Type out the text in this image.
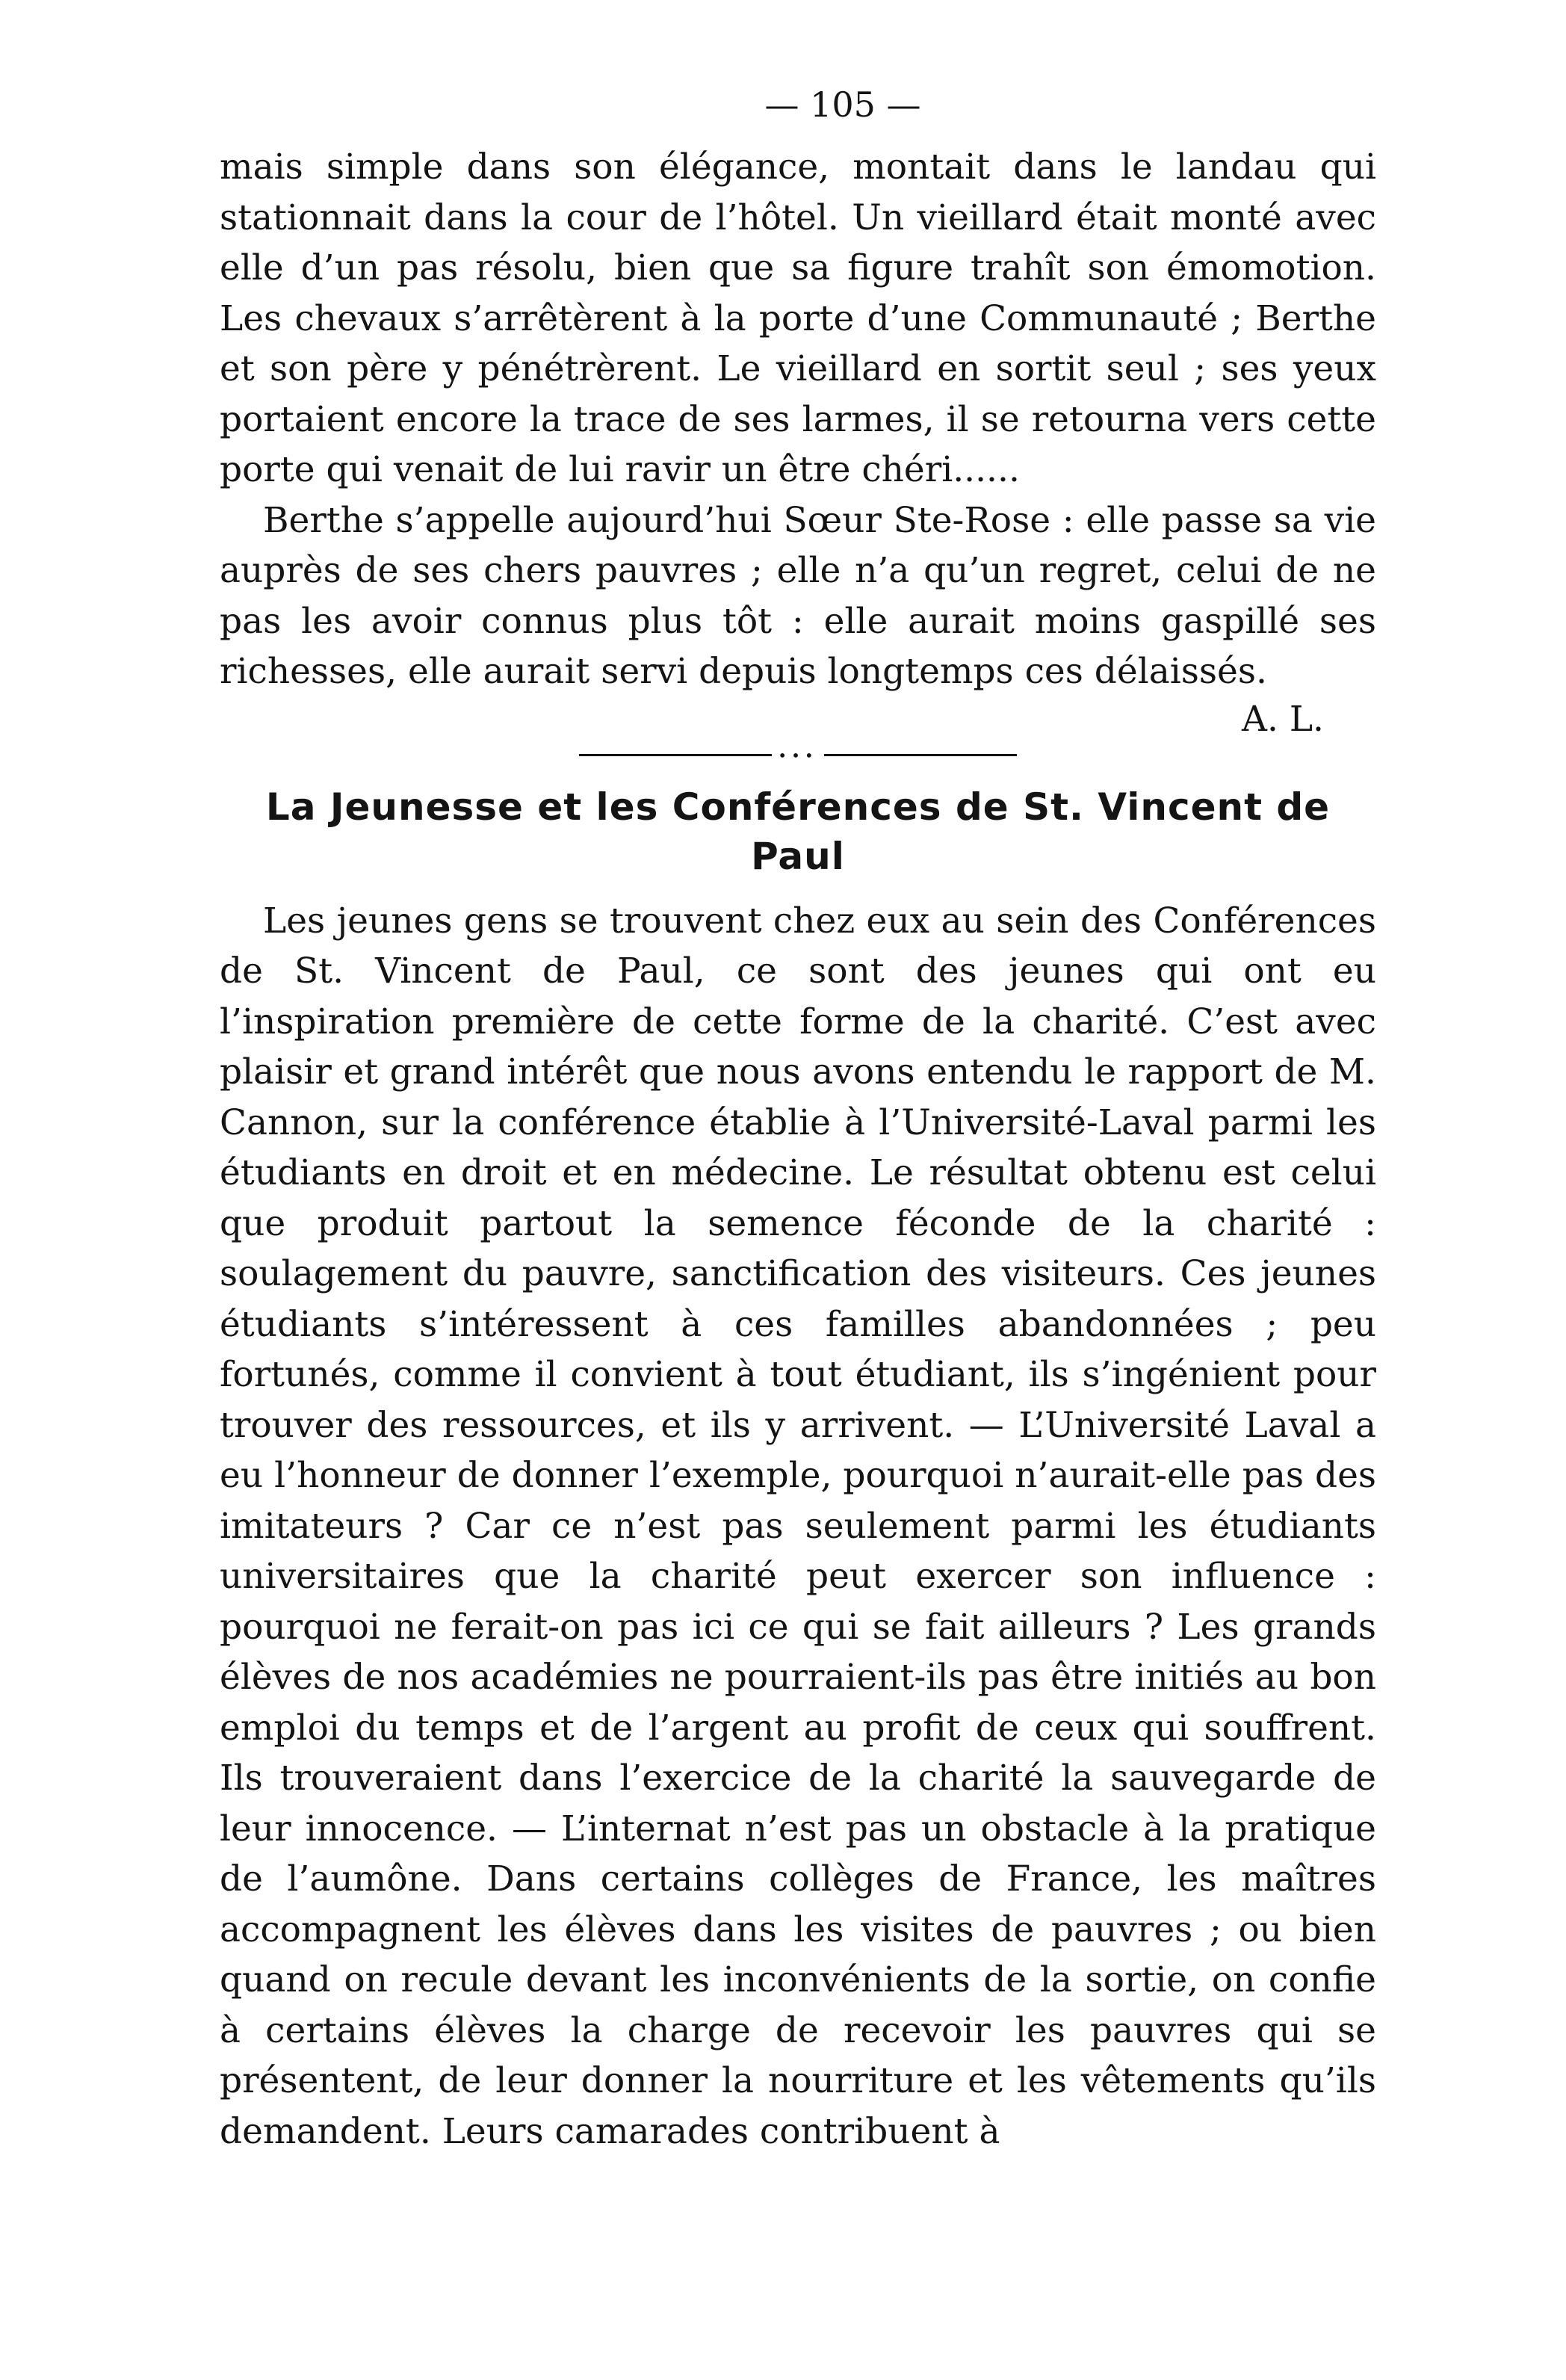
— 105 —

mais simple dans son élégance, montait dans le landau qui stationnait dans la cour de l’hôtel. Un vieillard était monté avec elle d’un pas résolu, bien que sa figure trahît son émomotion. Les chevaux s’arrêtèrent à la porte d’une Communauté ; Berthe et son père y pénétrèrent. Le vieillard en sortit seul ; ses yeux portaient encore la trace de ses larmes, il se retourna vers cette porte qui venait de lui ravir un être chéri......

Berthe s’appelle aujourd’hui Sœur Ste-Rose : elle passe sa vie auprès de ses chers pauvres ; elle n’a qu’un regret, celui de ne pas les avoir connus plus tôt : elle aurait moins gaspillé ses richesses, elle aurait servi depuis longtemps ces délaissés.

A. L.
•••
La Jeunesse et les Conférences de St. Vincent de Paul

Les jeunes gens se trouvent chez eux au sein des Conférences de St. Vincent de Paul, ce sont des jeunes qui ont eu l’inspiration première de cette forme de la charité. C’est avec plaisir et grand intérêt que nous avons entendu le rapport de M. Cannon, sur la conférence établie à l’Université-Laval parmi les étudiants en droit et en médecine. Le résultat obtenu est celui que produit partout la semence féconde de la charité : soulagement du pauvre, sanctification des visiteurs. Ces jeunes étudiants s’intéressent à ces familles abandonnées ; peu fortunés, comme il convient à tout étudiant, ils s’ingénient pour trouver des ressources, et ils y arrivent. — L’Université Laval a eu l’honneur de donner l’exemple, pourquoi n’aurait-elle pas des imitateurs ? Car ce n’est pas seulement parmi les étudiants universitaires que la charité peut exercer son influence : pourquoi ne ferait-on pas ici ce qui se fait ailleurs ? Les grands élèves de nos académies ne pourraient-ils pas être initiés au bon emploi du temps et de l’argent au profit de ceux qui souffrent. Ils trouveraient dans l’exercice de la charité la sauvegarde de leur innocence. — L’internat n’est pas un obstacle à la pratique de l’aumône. Dans certains collèges de France, les maîtres accompagnent les élèves dans les visites de pauvres ; ou bien quand on recule devant les inconvénients de la sortie, on confie à certains élèves la charge de recevoir les pauvres qui se présentent, de leur donner la nourriture et les vêtements qu’ils demandent. Leurs camarades contribuent à
